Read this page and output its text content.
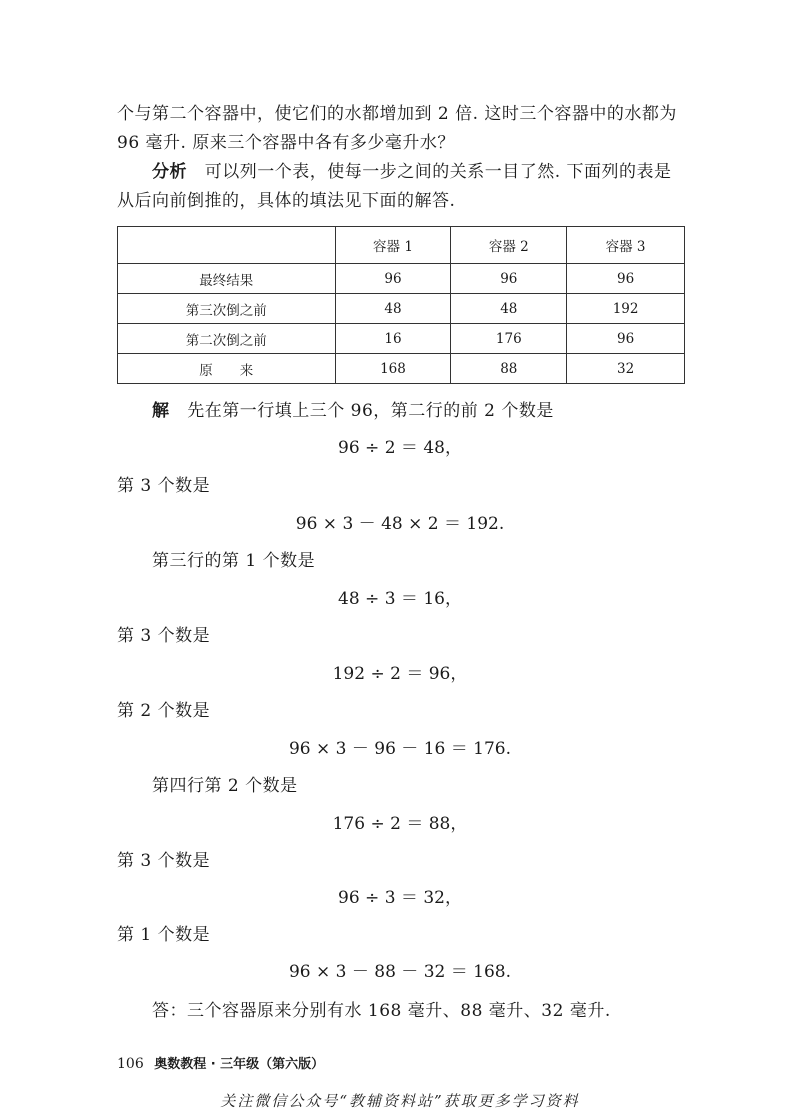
个与第二个容器中，使它们的水都增加到 2 倍. 这时三个容器中的水都为
96 毫升. 原来三个容器中各有多少毫升水？
分析 可以列一个表，使每一步之间的关系一目了然. 下面列的表是
从后向前倒推的，具体的填法见下面的解答.
	容器 1	容器 2	容器 3
最终结果	96	96	96
第三次倒之前	48	48	192
第二次倒之前	16	176	96
原　　来	168	88	32
解 先在第一行填上三个 96，第二行的前 2 个数是
96 ÷ 2 ＝ 48，
第 3 个数是
96 × 3 － 48 × 2 ＝ 192.
第三行的第 1 个数是
48 ÷ 3 ＝ 16，
第 3 个数是
192 ÷ 2 ＝ 96，
第 2 个数是
96 × 3 － 96 － 16 ＝ 176.
第四行第 2 个数是
176 ÷ 2 ＝ 88，
第 3 个数是
96 ÷ 3 ＝ 32，
第 1 个数是
96 × 3 － 88 － 32 ＝ 168.
答：三个容器原来分别有水 168 毫升、88 毫升、32 毫升.
106 奥数教程 · 三年级（第六版）
关注微信公众号“教辅资料站”获取更多学习资料
